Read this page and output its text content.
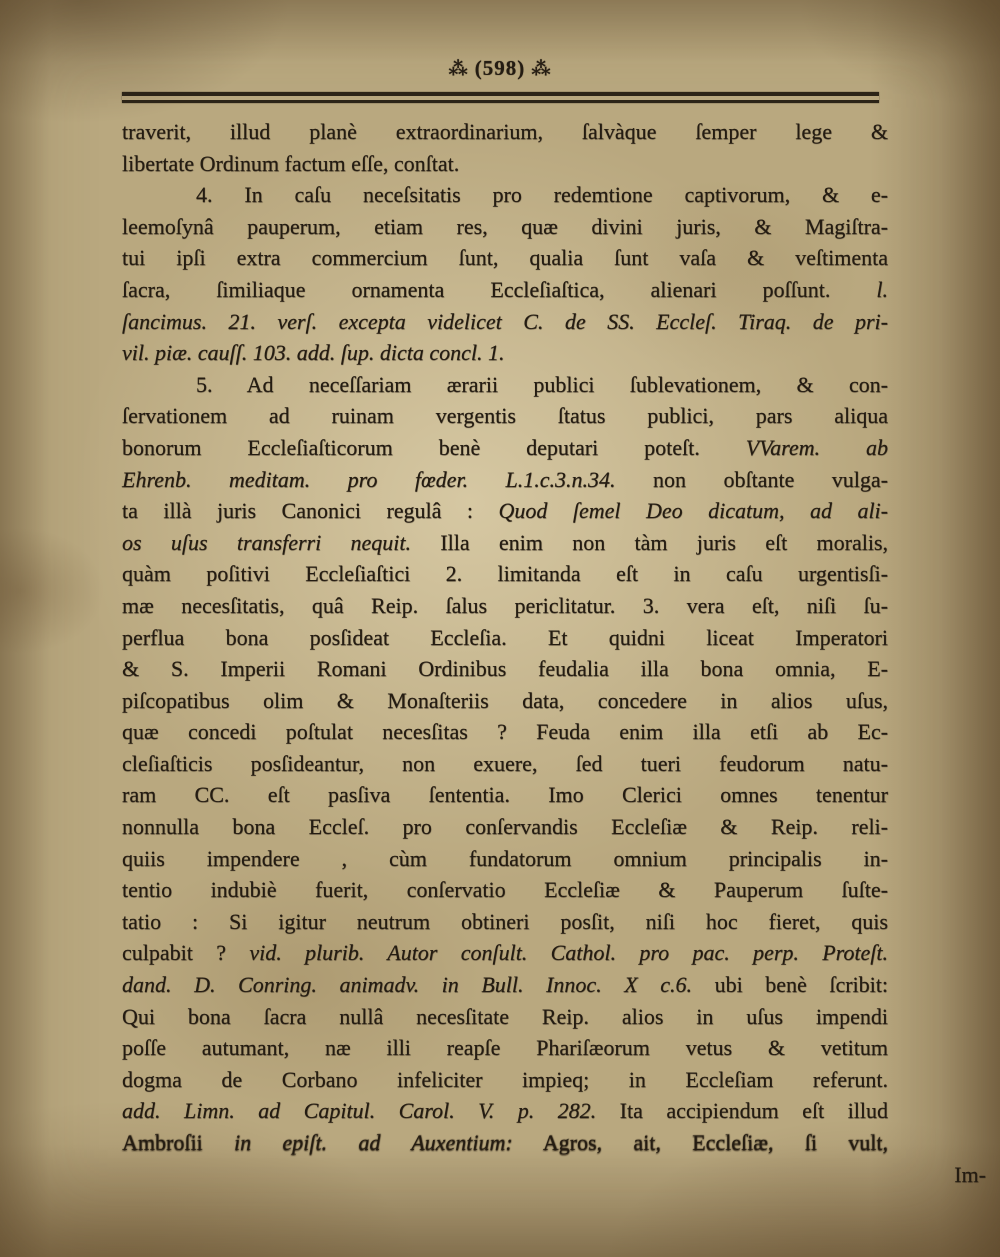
⁂ (598) ⁂
traverit, illud planè extraordinarium, ſalvàque ſemper lege &
libertate Ordinum factum eſſe, conſtat.
4. In caſu neceſsitatis pro redemtione captivorum, & e-
leemoſynâ pauperum, etiam res, quæ divini juris, & Magiſtra-
tui ipſi extra commercium ſunt, qualia ſunt vaſa & veſtimenta
ſacra, ſimiliaque ornamenta Eccleſiaſtica, alienari poſſunt. l.
ſancimus. 21. verſ. excepta videlicet C. de SS. Eccleſ. Tiraq. de pri-
vil. piæ. cauſſ. 103. add. ſup. dicta concl. 1.
5. Ad neceſſariam ærarii publici ſublevationem, & con-
ſervationem ad ruinam vergentis ſtatus publici, pars aliqua
bonorum Eccleſiaſticorum benè deputari poteſt. VVarem. ab
Ehrenb. meditam. pro fœder. L.1.c.3.n.34. non obſtante vulga-
ta illà juris Canonici regulâ : Quod ſemel Deo dicatum, ad ali-
os uſus transferri nequit. Illa enim non tàm juris eſt moralis,
quàm poſitivi Eccleſiaſtici 2. limitanda eſt in caſu urgentisſi-
mæ necesſitatis, quâ Reip. ſalus periclitatur. 3. vera eſt, niſi ſu-
perflua bona posſideat Eccleſia. Et quidni liceat Imperatori
& S. Imperii Romani Ordinibus feudalia illa bona omnia, E-
piſcopatibus olim & Monaſteriis data, concedere in alios uſus,
quæ concedi poſtulat necesſitas ? Feuda enim illa etſi ab Ec-
cleſiaſticis posſideantur, non exuere, ſed tueri feudorum natu-
ram CC. eſt pasſiva ſententia. Imo Clerici omnes tenentur
nonnulla bona Eccleſ. pro conſervandis Eccleſiæ & Reip. reli-
quiis impendere , cùm fundatorum omnium principalis in-
tentio indubiè fuerit, conſervatio Eccleſiæ & Pauperum ſuſte-
tatio : Si igitur neutrum obtineri posſit, niſi hoc fieret, quis
culpabit ? vid. plurib. Autor conſult. Cathol. pro pac. perp. Proteſt.
dand. D. Conring. animadv. in Bull. Innoc. X c.6. ubi benè ſcribit:
Qui bona ſacra nullâ necesſitate Reip. alios in uſus impendi
poſſe autumant, næ illi reapſe Phariſæorum vetus & vetitum
dogma de Corbano infeliciter impieq; in Eccleſiam referunt.
add. Limn. ad Capitul. Carol. V. p. 282. Ita accipiendum eſt illud
Ambroſii in epiſt. ad Auxentium: Agros, ait, Eccleſiæ, ſi vult,
Im-
